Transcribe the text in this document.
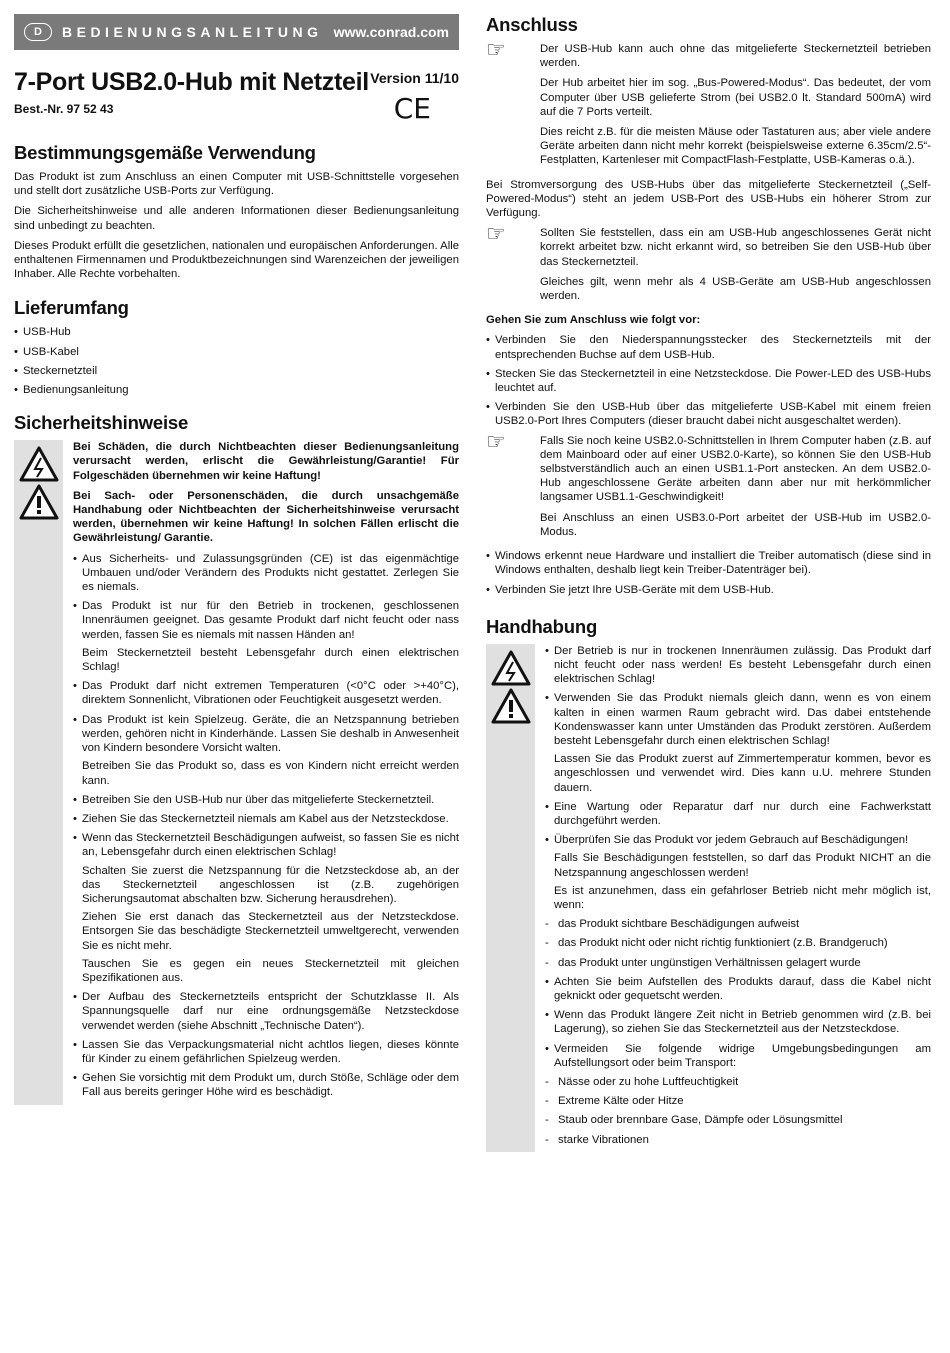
D	BEDIENUNGSANLEITUNG www.conrad.com
7-Port USB2.0-Hub mit Netzteil
Best.-Nr. 97 52 43
Version 11/10
CE
Bestimmungsgemäße Verwendung

Das Produkt ist zum Anschluss an einen Computer mit USB-Schnittstelle vorgesehen und stellt dort zusätzliche USB-Ports zur Verfügung.

Die Sicherheitshinweise und alle anderen Informationen dieser Bedienungsanleitung sind unbedingt zu beachten.

Dieses Produkt erfüllt die gesetzlichen, nationalen und europäischen Anforderungen. Alle enthaltenen Firmennamen und Produktbezeichnungen sind Warenzeichen der jeweiligen Inhaber. Alle Rechte vorbehalten.

Lieferumfang
• USB-Hub
• USB-Kabel
• Steckernetzteil
• Bedienungsanleitung
Sicherheitshinweise

Bei Schäden, die durch Nichtbeachten dieser Bedienungsanleitung verursacht werden, erlischt die Gewährleistung/Garantie! Für Folgeschäden übernehmen wir keine Haftung!

Bei Sach- oder Personenschäden, die durch unsachgemäße Handhabung oder Nichtbeachten der Sicherheitshinweise verursacht werden, übernehmen wir keine Haftung! In solchen Fällen erlischt die Gewährleistung/ Garantie.

• Aus Sicherheits- und Zulassungsgründen (CE) ist das eigenmächtige Umbauen und/oder Verändern des Produkts nicht gestattet. Zerlegen Sie es niemals.
• Das Produkt ist nur für den Betrieb in trockenen, geschlossenen Innenräumen geeignet. Das gesamte Produkt darf nicht feucht oder nass werden, fassen Sie es niemals mit nassen Händen an!
Beim Steckernetzteil besteht Lebensgefahr durch einen elektrischen Schlag!
• Das Produkt darf nicht extremen Temperaturen (<0°C oder >+40°C), direktem Sonnenlicht, Vibrationen oder Feuchtigkeit ausgesetzt werden.
• Das Produkt ist kein Spielzeug. Geräte, die an Netzspannung betrieben werden, gehören nicht in Kinderhände. Lassen Sie deshalb in Anwesenheit von Kindern besondere Vorsicht walten.
Betreiben Sie das Produkt so, dass es von Kindern nicht erreicht werden kann.
• Betreiben Sie den USB-Hub nur über das mitgelieferte Steckernetzteil.
• Ziehen Sie das Steckernetzteil niemals am Kabel aus der Netzsteckdose.
• Wenn das Steckernetzteil Beschädigungen aufweist, so fassen Sie es nicht an, Lebensgefahr durch einen elektrischen Schlag!
Schalten Sie zuerst die Netzspannung für die Netzsteckdose ab, an der das Steckernetzteil angeschlossen ist (z.B. zugehörigen Sicherungsautomat abschalten bzw. Sicherung herausdrehen).
Ziehen Sie erst danach das Steckernetzteil aus der Netzsteckdose. Entsorgen Sie das beschädigte Steckernetzteil umweltgerecht, verwenden Sie es nicht mehr.
Tauschen Sie es gegen ein neues Steckernetzteil mit gleichen Spezifikationen aus.
• Der Aufbau des Steckernetzteils entspricht der Schutzklasse II. Als Spannungsquelle darf nur eine ordnungsgemäße Netzsteckdose verwendet werden (siehe Abschnitt „Technische Daten“).
• Lassen Sie das Verpackungsmaterial nicht achtlos liegen, dieses könnte für Kinder zu einem gefährlichen Spielzeug werden.
• Gehen Sie vorsichtig mit dem Produkt um, durch Stöße, Schläge oder dem Fall aus bereits geringer Höhe wird es beschädigt.
Anschluss
☞	Der USB-Hub kann auch ohne das mitgelieferte Steckernetzteil betrieben werden.

Der Hub arbeitet hier im sog. „Bus-Powered-Modus“. Das bedeutet, der vom Computer über USB gelieferte Strom (bei USB2.0 lt. Standard 500mA) wird auf die 7 Ports verteilt.

Dies reicht z.B. für die meisten Mäuse oder Tastaturen aus; aber viele andere Geräte arbeiten dann nicht mehr korrekt (beispielsweise externe 6.35cm/2.5“-Festplatten, Kartenleser mit CompactFlash-Festplatte, USB-Kameras o.ä.).

Bei Stromversorgung des USB-Hubs über das mitgelieferte Steckernetzteil („Self-Powered-Modus“) steht an jedem USB-Port des USB-Hubs ein höherer Strom zur Verfügung.

☞	Sollten Sie feststellen, dass ein am USB-Hub angeschlossenes Gerät nicht korrekt arbeitet bzw. nicht erkannt wird, so betreiben Sie den USB-Hub über das Steckernetzteil.

Gleiches gilt, wenn mehr als 4 USB-Geräte am USB-Hub angeschlossen werden.

Gehen Sie zum Anschluss wie folgt vor:

• Verbinden Sie den Niederspannungsstecker des Steckernetzteils mit der entsprechenden Buchse auf dem USB-Hub.
• Stecken Sie das Steckernetzteil in eine Netzsteckdose. Die Power-LED des USB-Hubs leuchtet auf.
• Verbinden Sie den USB-Hub über das mitgelieferte USB-Kabel mit einem freien USB2.0-Port Ihres Computers (dieser braucht dabei nicht ausgeschaltet werden).
☞	Falls Sie noch keine USB2.0-Schnittstellen in Ihrem Computer haben (z.B. auf dem Mainboard oder auf einer USB2.0-Karte), so können Sie den USB-Hub selbstverständlich auch an einen USB1.1-Port anstecken. An dem USB2.0-Hub angeschlossene Geräte arbeiten dann aber nur mit herkömmlicher langsamer USB1.1-Geschwindigkeit!

Bei Anschluss an einen USB3.0-Port arbeitet der USB-Hub im USB2.0-Modus.

• Windows erkennt neue Hardware und installiert die Treiber automatisch (diese sind in Windows enthalten, deshalb liegt kein Treiber-Datenträger bei).
• Verbinden Sie jetzt Ihre USB-Geräte mit dem USB-Hub.
Handhabung
• Der Betrieb is nur in trockenen Innenräumen zulässig. Das Produkt darf nicht feucht oder nass werden! Es besteht Lebensgefahr durch einen elektrischen Schlag!
• Verwenden Sie das Produkt niemals gleich dann, wenn es von einem kalten in einen warmen Raum gebracht wird. Das dabei entstehende Kondenswasser kann unter Umständen das Produkt zerstören. Außerdem besteht Lebensgefahr durch einen elektrischen Schlag!
Lassen Sie das Produkt zuerst auf Zimmertemperatur kommen, bevor es angeschlossen und verwendet wird. Dies kann u.U. mehrere Stunden dauern.
• Eine Wartung oder Reparatur darf nur durch eine Fachwerkstatt durchgeführt werden.
• Überprüfen Sie das Produkt vor jedem Gebrauch auf Beschädigungen!
Falls Sie Beschädigungen feststellen, so darf das Produkt NICHT an die Netzspannung angeschlossen werden!
Es ist anzunehmen, dass ein gefahrloser Betrieb nicht mehr möglich ist, wenn:
- das Produkt sichtbare Beschädigungen aufweist
- das Produkt nicht oder nicht richtig funktioniert (z.B. Brandgeruch)
- das Produkt unter ungünstigen Verhältnissen gelagert wurde
• Achten Sie beim Aufstellen des Produkts darauf, dass die Kabel nicht geknickt oder gequetscht werden.
• Wenn das Produkt längere Zeit nicht in Betrieb genommen wird (z.B. bei Lagerung), so ziehen Sie das Steckernetzteil aus der Netzsteckdose.
• Vermeiden Sie folgende widrige Umgebungsbedingungen am Aufstellungsort oder beim Transport:
- Nässe oder zu hohe Luftfeuchtigkeit
- Extreme Kälte oder Hitze
- Staub oder brennbare Gase, Dämpfe oder Lösungsmittel
- starke Vibrationen
